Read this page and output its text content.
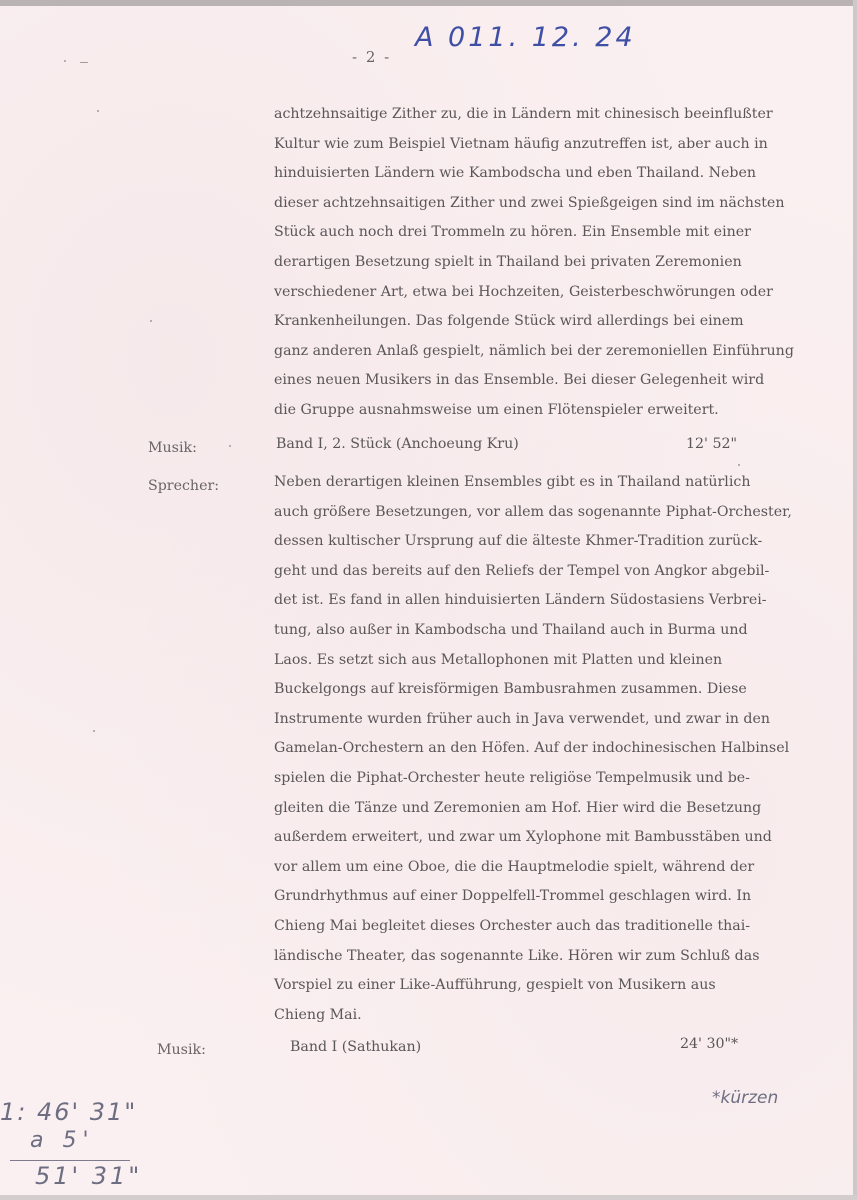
- 2 -
A 011. 12. 24
achtzehnsaitige Zither zu, die in Ländern mit chinesisch beeinflußter
Kultur wie zum Beispiel Vietnam häufig anzutreffen ist, aber auch in
hinduisierten Ländern wie Kambodscha und eben Thailand. Neben
dieser achtzehnsaitigen Zither und zwei Spießgeigen sind im nächsten
Stück auch noch drei Trommeln zu hören. Ein Ensemble mit einer
derartigen Besetzung spielt in Thailand bei privaten Zeremonien
verschiedener Art, etwa bei Hochzeiten, Geisterbeschwörungen oder
Krankenheilungen. Das folgende Stück wird allerdings bei einem
ganz anderen Anlaß gespielt, nämlich bei der zeremoniellen Einführung
eines neuen Musikers in das Ensemble. Bei dieser Gelegenheit wird
die Gruppe ausnahmsweise um einen Flötenspieler erweitert.
Musik:	Band I, 2. Stück (Anchoeung Kru)	12' 52"
Sprecher:	Neben derartigen kleinen Ensembles gibt es in Thailand natürlich
auch größere Besetzungen, vor allem das sogenannte Piphat-Orchester,
dessen kultischer Ursprung auf die älteste Khmer-Tradition zurück-
geht und das bereits auf den Reliefs der Tempel von Angkor abgebil-
det ist. Es fand in allen hinduisierten Ländern Südostasiens Verbrei-
tung, also außer in Kambodscha und Thailand auch in Burma und
Laos. Es setzt sich aus Metallophonen mit Platten und kleinen
Buckelgongs auf kreisförmigen Bambusrahmen zusammen. Diese
Instrumente wurden früher auch in Java verwendet, und zwar in den
Gamelan-Orchestern an den Höfen. Auf der indochinesischen Halbinsel
spielen die Piphat-Orchester heute religiöse Tempelmusik und be-
gleiten die Tänze und Zeremonien am Hof. Hier wird die Besetzung
außerdem erweitert, und zwar um Xylophone mit Bambusstäben und
vor allem um eine Oboe, die die Hauptmelodie spielt, während der
Grundrhythmus auf einer Doppelfell-Trommel geschlagen wird. In
Chieng Mai begleitet dieses Orchester auch das traditionelle thai-
ländische Theater, das sogenannte Like. Hören wir zum Schluß das
Vorspiel zu einer Like-Aufführung, gespielt von Musikern aus
Chieng Mai.
Musik:	Band I (Sathukan)	24' 30"*
*kürzen
1: 46' 31"
a 5'
51' 31"
